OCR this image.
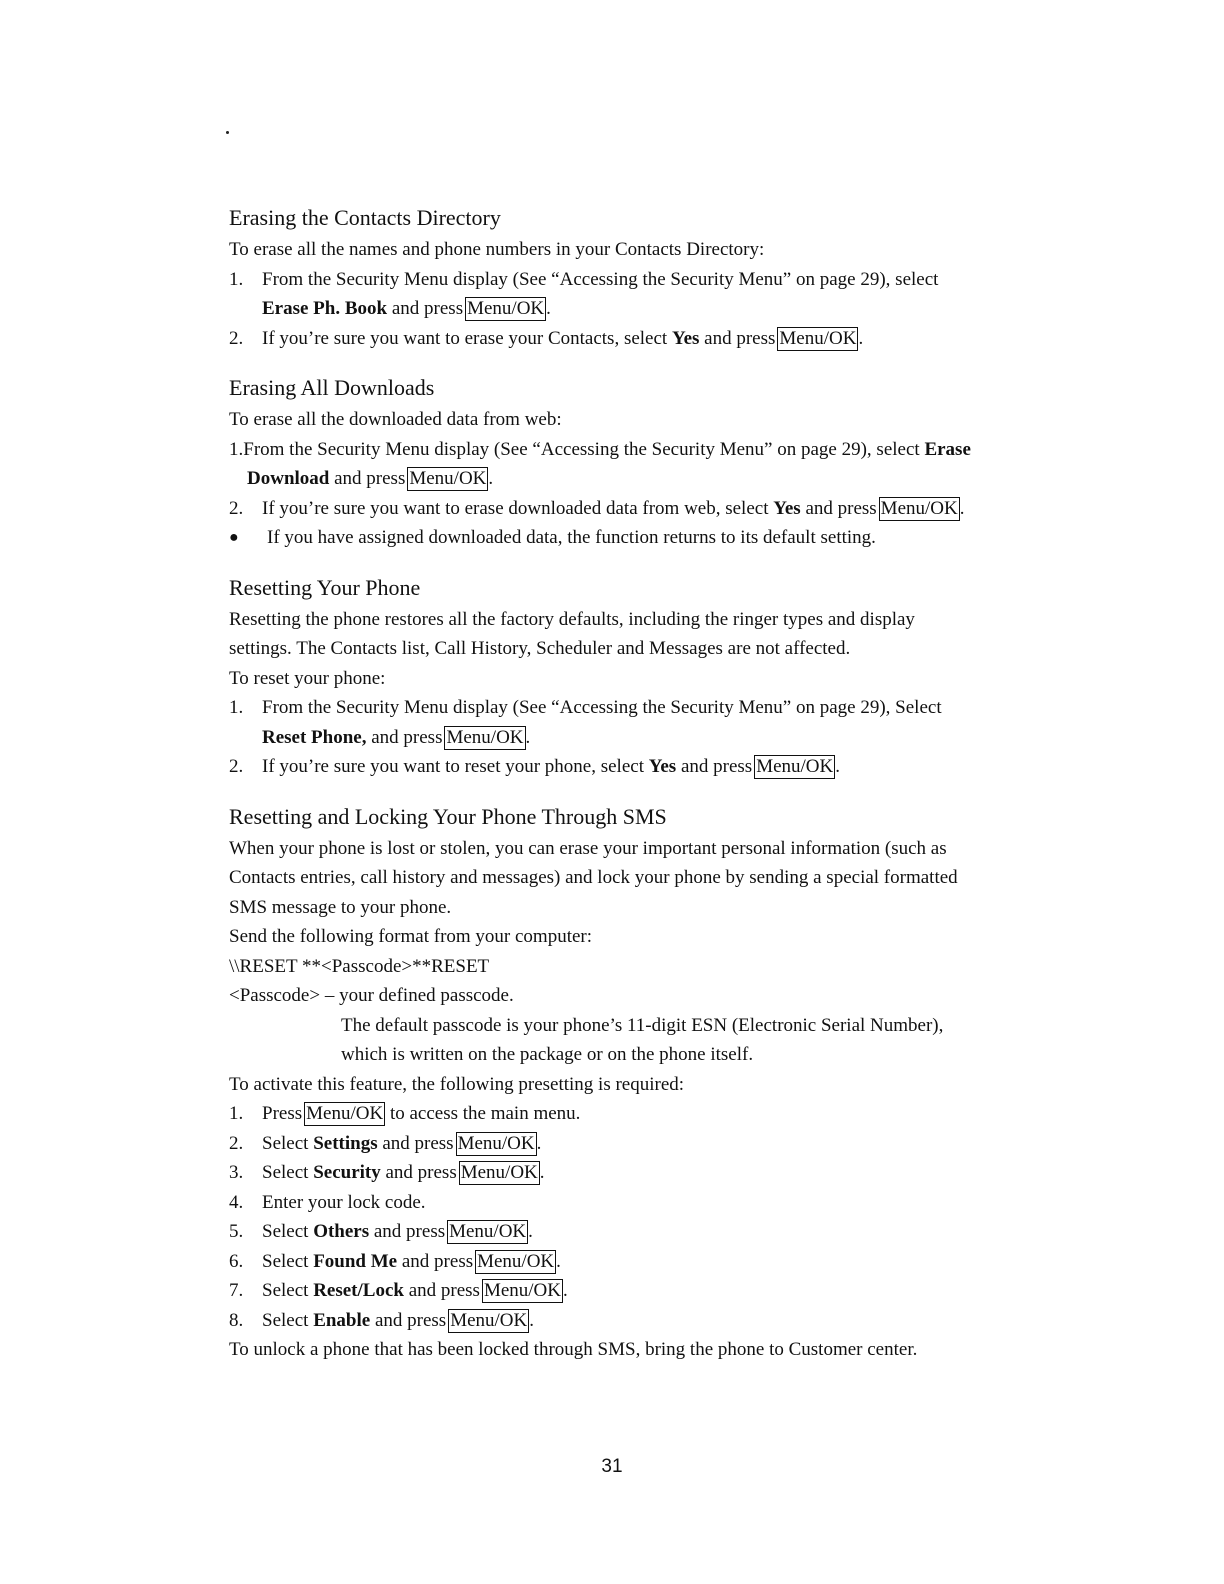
Erasing the Contacts Directory

To erase all the names and phone numbers in your Contacts Directory:

1. From the Security Menu display (See “Accessing the Security Menu” on page 29), select
Erase Ph. Book and press Menu/OK .
2. If you’re sure you want to erase your Contacts, select Yes and press Menu/OK .
Erasing All Downloads

To erase all the downloaded data from web:

1.From the Security Menu display (See “Accessing the Security Menu” on page 29), select Erase
Download and press Menu/OK .

2. If you’re sure you want to erase downloaded data from web, select Yes and press Menu/OK .
● If you have assigned downloaded data, the function returns to its default setting.
Resetting Your Phone

Resetting the phone restores all the factory defaults, including the ringer types and display

settings. The Contacts list, Call History, Scheduler and Messages are not affected.

To reset your phone:

1. From the Security Menu display (See “Accessing the Security Menu” on page 29), Select
Reset Phone, and press Menu/OK .
2. If you’re sure you want to reset your phone, select Yes and press Menu/OK .
Resetting and Locking Your Phone Through SMS

When your phone is lost or stolen, you can erase your important personal information (such as

Contacts entries, call history and messages) and lock your phone by sending a special formatted

SMS message to your phone.

Send the following format from your computer:

\\RESET **<Passcode>**RESET

<Passcode> – your defined passcode.

The default passcode is your phone’s 11-digit ESN (Electronic Serial Number),

which is written on the package or on the phone itself.

To activate this feature, the following presetting is required:

1. Press Menu/OK to access the main menu.
2. Select Settings and press Menu/OK .
3. Select Security and press Menu/OK .
4. Enter your lock code.
5. Select Others and press Menu/OK .
6. Select Found Me and press Menu/OK .
7. Select Reset/Lock and press Menu/OK .
8. Select Enable and press Menu/OK .

To unlock a phone that has been locked through SMS, bring the phone to Customer center.

31
